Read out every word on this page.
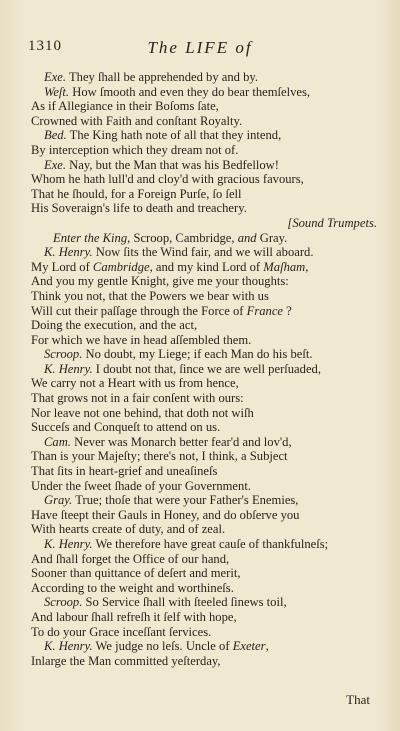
1310	The LIFE of
Exe. They ſhall be apprehended by and by.
Weſt. How ſmooth and even they do bear themſelves,
As if Allegiance in their Boſoms ſate,
Crowned with Faith and conſtant Royalty.
Bed. The King hath note of all that they intend,
By interception which they dream not of.
Exe. Nay, but the Man that was his Bedfellow!
Whom he hath lull'd and cloy'd with gracious favours,
That he ſhould, for a Foreign Purſe, ſo ſell
His Soveraign's life to death and treachery.
[Sound Trumpets.
Enter the King, Scroop, Cambridge, and Gray.
K. Henry. Now ſits the Wind fair, and we will aboard.
My Lord of Cambridge, and my kind Lord of Maſham,
And you my gentle Knight, give me your thoughts:
Think you not, that the Powers we bear with us
Will cut their paſſage through the Force of France ?
Doing the execution, and the act,
For which we have in head aſſembled them.
Scroop. No doubt, my Liege; if each Man do his beſt.
K. Henry. I doubt not that, ſince we are well perſuaded,
We carry not a Heart with us from hence,
That grows not in a fair conſent with ours:
Nor leave not one behind, that doth not wiſh
Succeſs and Conqueſt to attend on us.
Cam. Never was Monarch better fear'd and lov'd,
Than is your Majeſty; there's not, I think, a Subject
That ſits in heart-grief and uneaſineſs
Under the ſweet ſhade of your Government.
Gray. True; thoſe that were your Father's Enemies,
Have ſteept their Gauls in Honey, and do obſerve you
With hearts create of duty, and of zeal.
K. Henry. We therefore have great cauſe of thankfulneſs;
And ſhall forget the Office of our hand,
Sooner than quittance of deſert and merit,
According to the weight and worthineſs.
Scroop. So Service ſhall with ſteeled ſinews toil,
And labour ſhall refreſh it ſelf with hope,
To do your Grace inceſſant ſervices.
K. Henry. We judge no leſs. Uncle of Exeter,
Inlarge the Man committed yeſterday,
That
